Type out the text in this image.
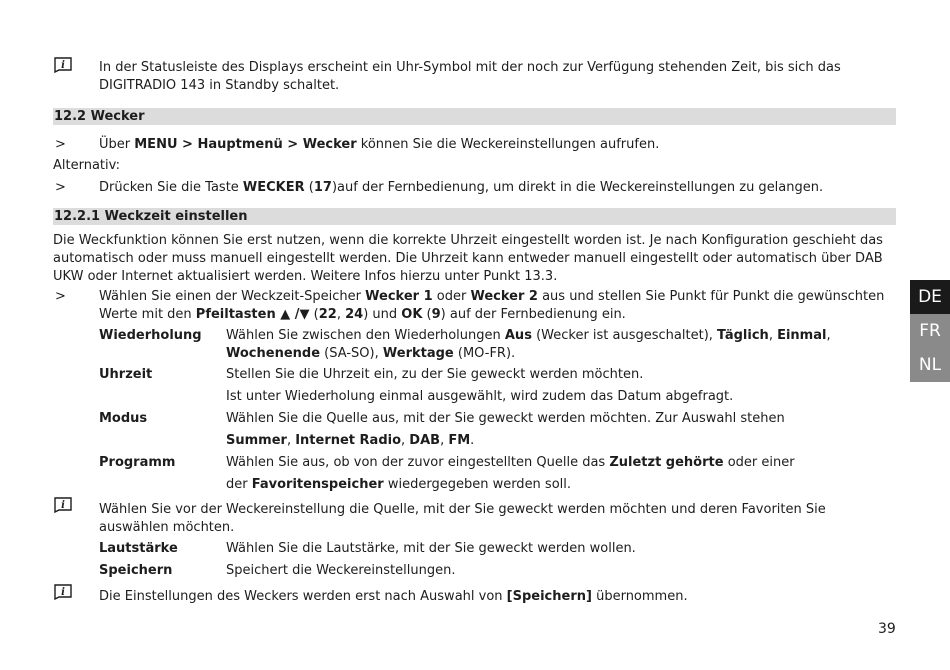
i	In der Statusleiste des Displays erscheint ein Uhr-Symbol mit der noch zur Verfügung stehenden Zeit, bis sich das
DIGITRADIO 143 in Standby schaltet.
12.2 Wecker
>	Über MENU > Hauptmenü > Wecker können Sie die Weckereinstellungen aufrufen.
Alternativ:
>	Drücken Sie die Taste WECKER (17)auf der Fernbedienung, um direkt in die Weckereinstellungen zu gelangen.
12.2.1 Weckzeit einstellen
Die Weckfunktion können Sie erst nutzen, wenn die korrekte Uhrzeit eingestellt worden ist. Je nach Konfiguration geschieht das
automatisch oder muss manuell eingestellt werden. Die Uhrzeit kann entweder manuell eingestellt oder automatisch über DAB
UKW oder Internet aktualisiert werden. Weitere Infos hierzu unter Punkt 13.3.
>	Wählen Sie einen der Weckzeit-Speicher Wecker 1 oder Wecker 2 aus und stellen Sie Punkt für Punkt die gewünschten
Werte mit den Pfeiltasten ▲ /▼ (22, 24) und OK (9) auf der Fernbedienung ein.
Wiederholung Wählen Sie zwischen den Wiederholungen Aus (Wecker ist ausgeschaltet), Täglich, Einmal,
Wochenende (SA-SO), Werktage (MO-FR).
Uhrzeit	Stellen Sie die Uhrzeit ein, zu der Sie geweckt werden möchten.
Ist unter Wiederholung einmal ausgewählt, wird zudem das Datum abgefragt.
Modus	Wählen Sie die Quelle aus, mit der Sie geweckt werden möchten. Zur Auswahl stehen
Summer, Internet Radio, DAB, FM.
Programm	Wählen Sie aus, ob von der zuvor eingestellten Quelle das Zuletzt gehörte oder einer
der Favoritenspeicher wiedergegeben werden soll.
i	Wählen Sie vor der Weckereinstellung die Quelle, mit der Sie geweckt werden möchten und deren Favoriten Sie
auswählen möchten.
Lautstärke	Wählen Sie die Lautstärke, mit der Sie geweckt werden wollen.
Speichern	Speichert die Weckereinstellungen.
i	Die Einstellungen des Weckers werden erst nach Auswahl von [Speichern] übernommen.
DE
FR
NL
39
